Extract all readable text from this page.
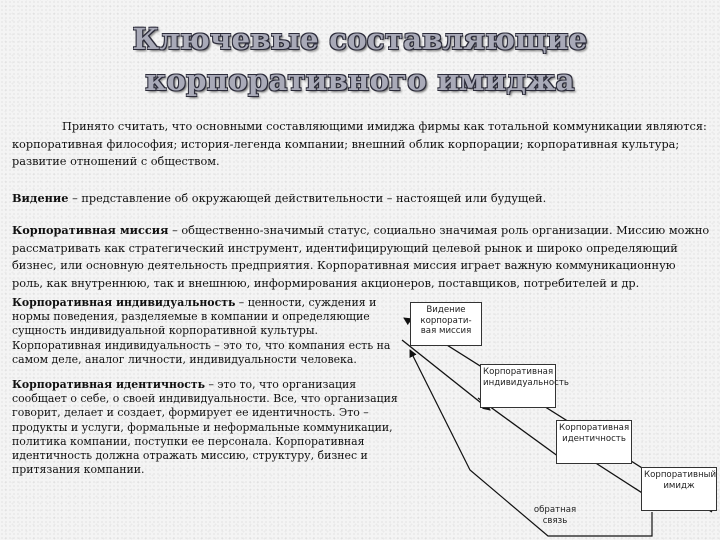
Ключевые составляющие
корпоративного имиджа

Принято считать, что основными составляющими имиджа фирмы как тотальной коммуникации являются: корпоративная философия; история-легенда компании; внешний облик корпорации; корпоративная культура; развитие отношений с обществом.

Видение – представление об окружающей действительности – настоящей или будущей.

Корпоративная миссия – общественно-значимый статус, социально значимая роль организации. Миссию можно рассматривать как стратегический инструмент, идентифицирующий целевой рынок и широко определяющий бизнес, или основную деятельность предприятия. Корпоративная миссия играет важную коммуникационную роль, как внутреннюю, так и внешнюю, информирования акционеров, поставщиков, потребителей и др.

Корпоративная индивидуальность – ценности, суждения и нормы поведения, разделяемые в компании и определяющие сущность индивидуальной корпоративной культуры. Корпоративная индивидуальность – это то, что компания есть на самом деле, аналог личности, индивидуальности человека.

Корпоративная идентичность – это то, что организация сообщает о себе, о своей индивидуальности. Все, что организация говорит, делает и создает, формирует ее идентичность. Это – продукты и услуги, формальные и неформальные коммуникации, политика компании, поступки ее персонала. Корпоративная идентичность должна отражать миссию, структуру, бизнес и притязания компании.

Видение корпорати-вая миссия
Корпоративная индивидуальность
Корпоративная идентичность
Корпоративный имидж
обратная связь
